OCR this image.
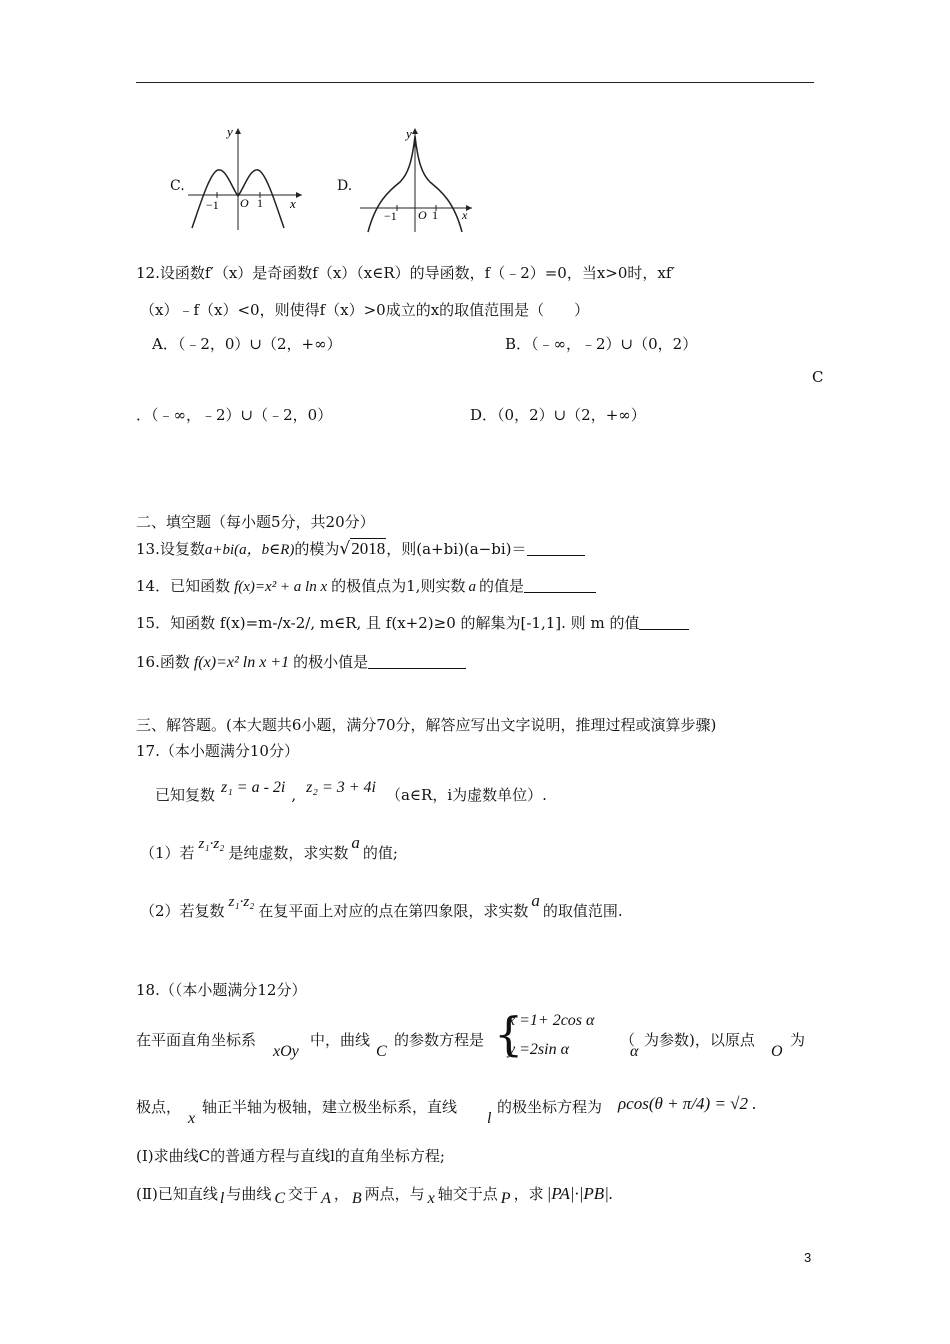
C.
y
x
−1 O 1
D.
y
x
−1 O 1
12.设函数f′（x）是奇函数f（x）（x∈R）的导函数，f（﹣2）=0，当x>0时，xf′
（x）﹣f（x）<0，则使得f（x）>0成立的x的取值范围是（　　）
A．（﹣2，0）∪（2，+∞）	B．（﹣∞，﹣2）∪（0，2）
C
．（﹣∞，﹣2）∪（﹣2，0）	D．（0，2）∪（2，+∞）
二、填空题（每小题5分，共20分）
13.设复数a+bi(a，b∈R)的模为√2018，则(a+bi)(a−bi)＝
14．已知函数 f(x)=x² + a ln x 的极值点为1,则实数 a 的值是
15．知函数 f(x)=m-/x-2/, m∈R, 且 f(x+2)≥0 的解集为[-1,1]. 则 m 的值
16.函数 f(x)=x² ln x +1 的极小值是
三、解答题。(本大题共6小题，满分70分，解答应写出文字说明，推理过程或演算步骤)
17.（本小题满分10分）
已知复数 z₁ = a - 2i , z₂ = 3 + 4i （a∈R，i为虚数单位）.
（1）若 z₁·z₂ 是纯虚数，求实数a的值;
（2）若复数 z₁·z₂ 在复平面上对应的点在第四象限，求实数a的取值范围.
18.（（本小题满分12分）
在平面直角坐标系
xOy
中，曲线
C
的参数方程是 {
x =1+ 2cos α
y =2sin α
（
α
为参数)，以原点
O
为
极点，
x
轴正半轴为极轴，建立极坐标系，直线
l
的极坐标方程为 ρcos(θ + π/4) = √2 .
(Ⅰ)求曲线C的普通方程与直线l的直角坐标方程;
(Ⅱ)已知直线 l 与曲线 C 交于 A ， B 两点，与 x 轴交于点 P ，求 |PA|·|PB|.
3
